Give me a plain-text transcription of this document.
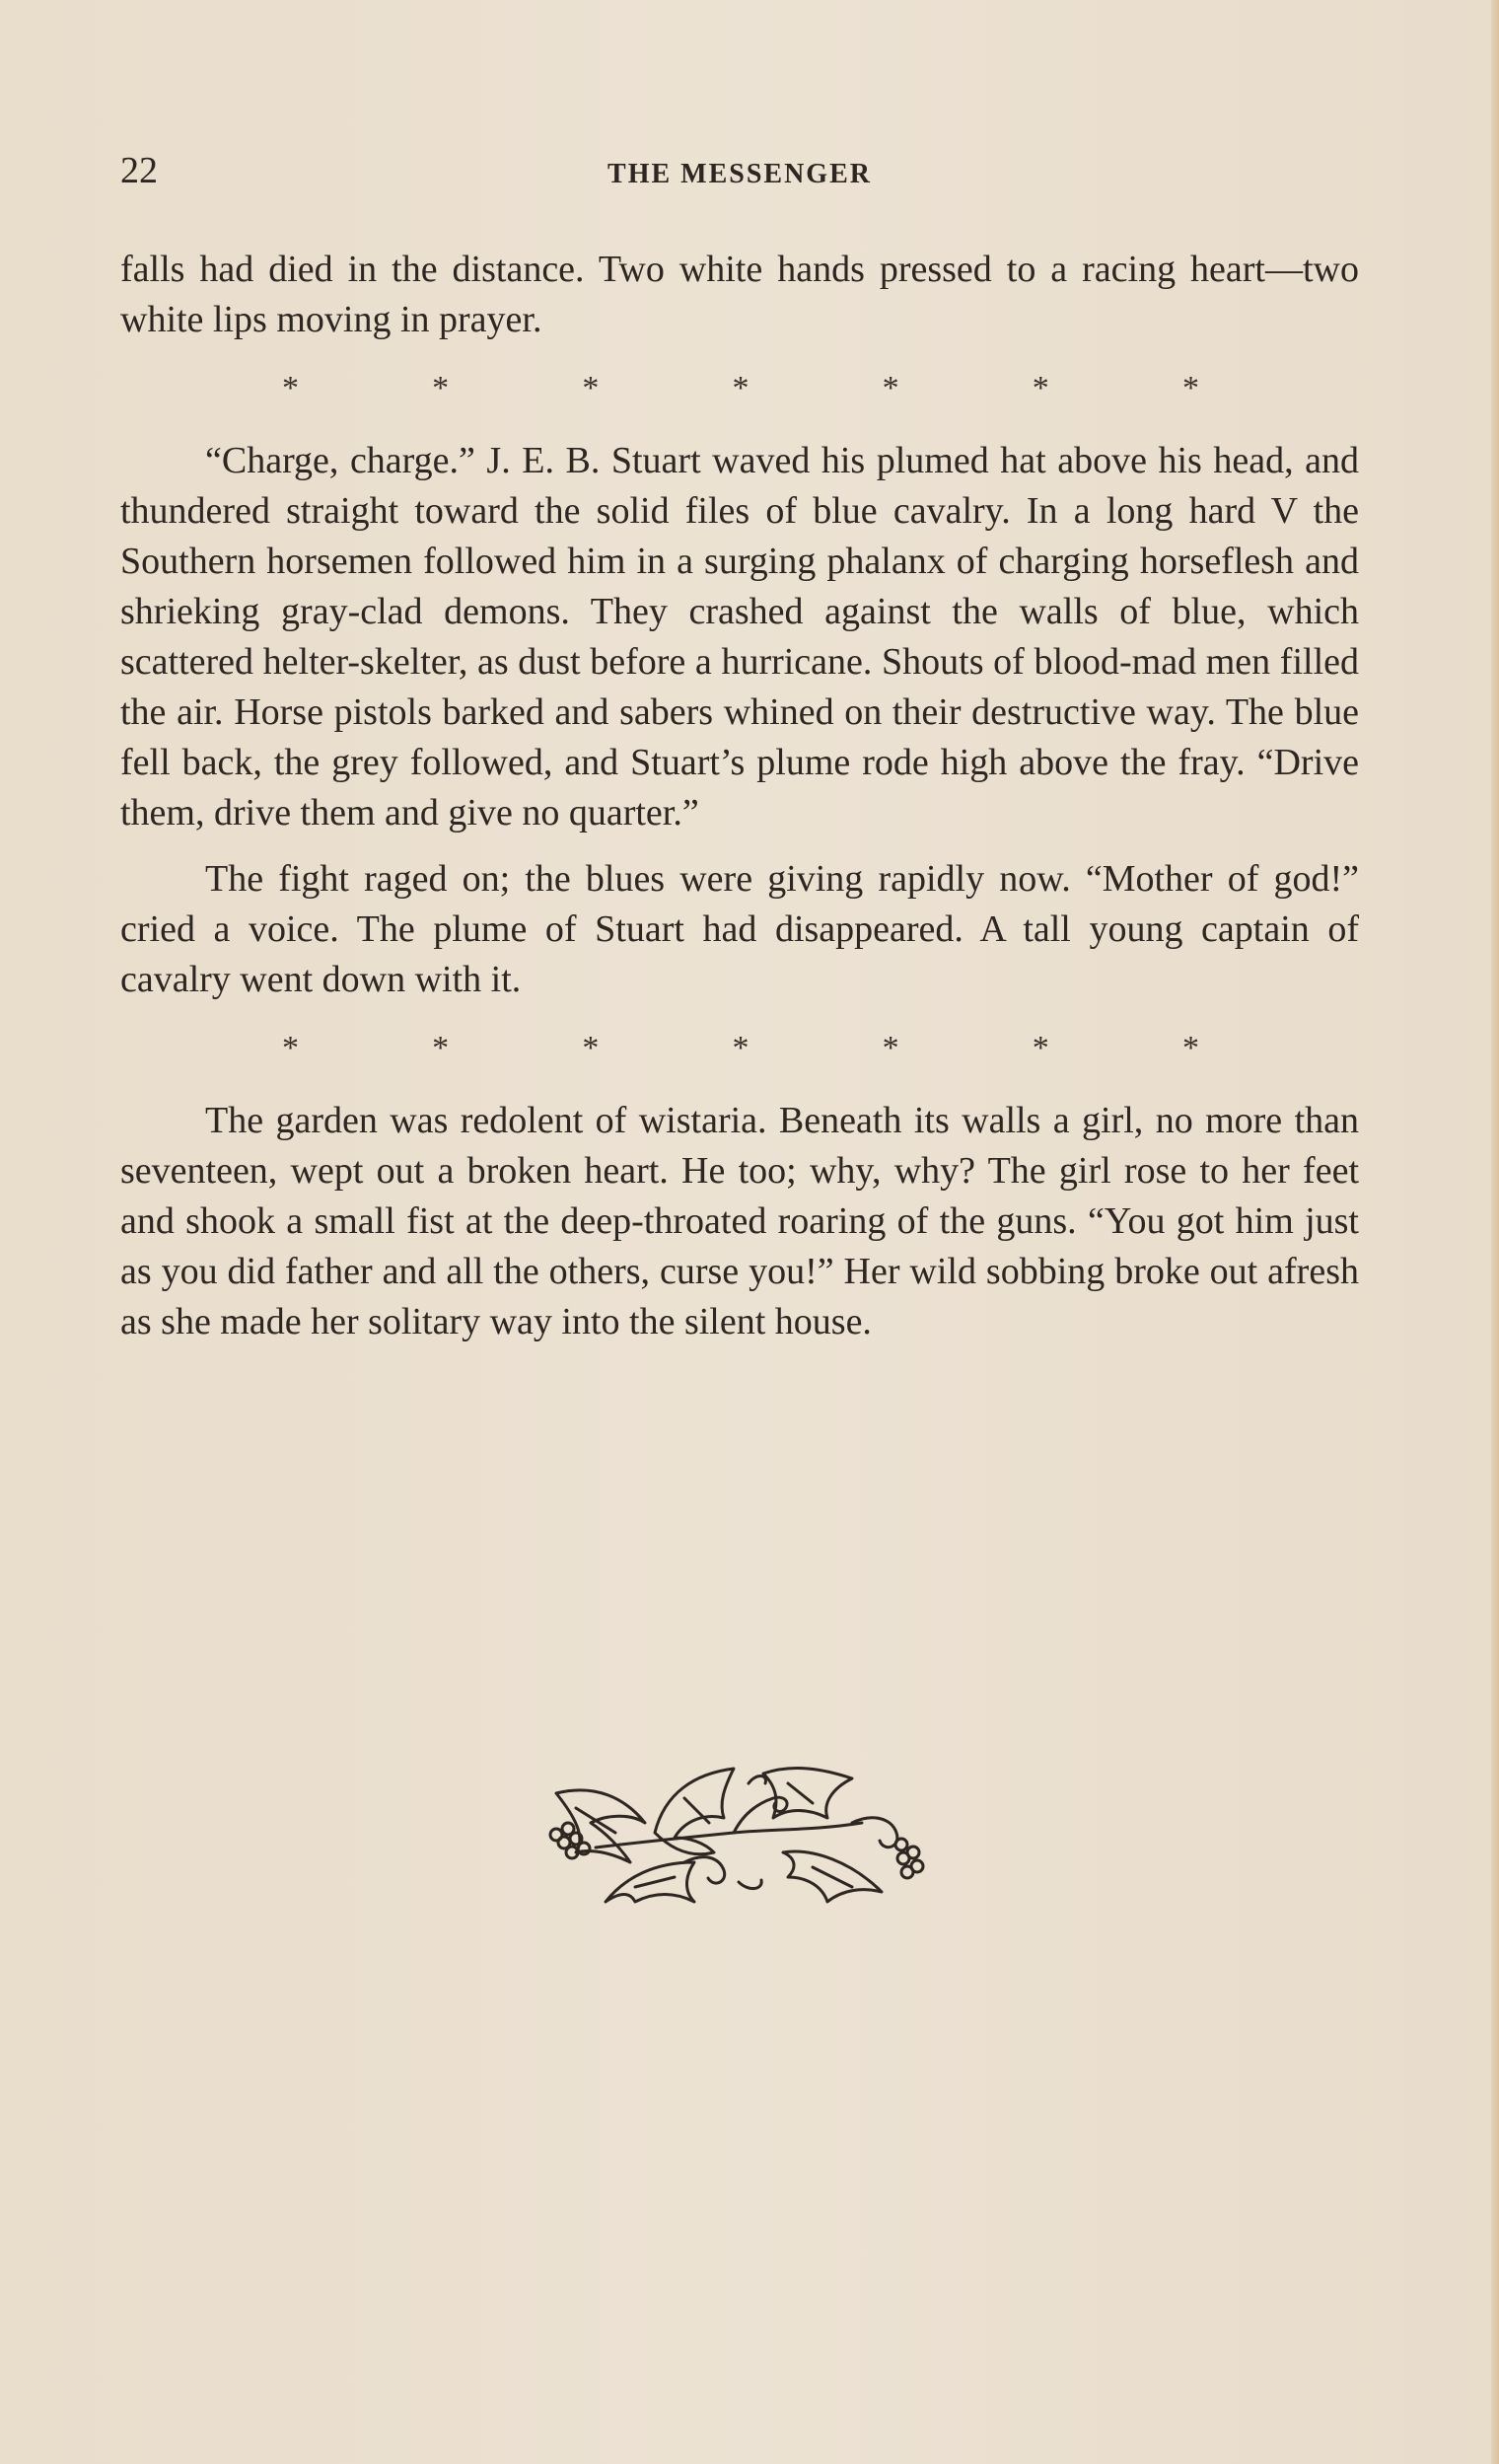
22	THE MESSENGER

falls had died in the distance. Two white hands pressed to a racing heart—two white lips moving in prayer.

*	*	*	*	*	*	*

“Charge, charge.” J. E. B. Stuart waved his plumed hat above his head, and thundered straight toward the solid files of blue cavalry. In a long hard V the Southern horsemen followed him in a surging phalanx of charging horseflesh and shrieking gray-clad demons. They crashed against the walls of blue, which scattered helter-skelter, as dust before a hurricane. Shouts of blood-mad men filled the air. Horse pistols barked and sabers whined on their destructive way. The blue fell back, the grey followed, and Stuart’s plume rode high above the fray. “Drive them, drive them and give no quarter.”

The fight raged on; the blues were giving rapidly now. “Mother of god!” cried a voice. The plume of Stuart had disappeared. A tall young captain of cavalry went down with it.

*	*	*	*	*	*	*

The garden was redolent of wistaria. Beneath its walls a girl, no more than seventeen, wept out a broken heart. He too; why, why? The girl rose to her feet and shook a small fist at the deep-throated roaring of the guns. “You got him just as you did father and all the others, curse you!” Her wild sobbing broke out afresh as she made her solitary way into the silent house.
